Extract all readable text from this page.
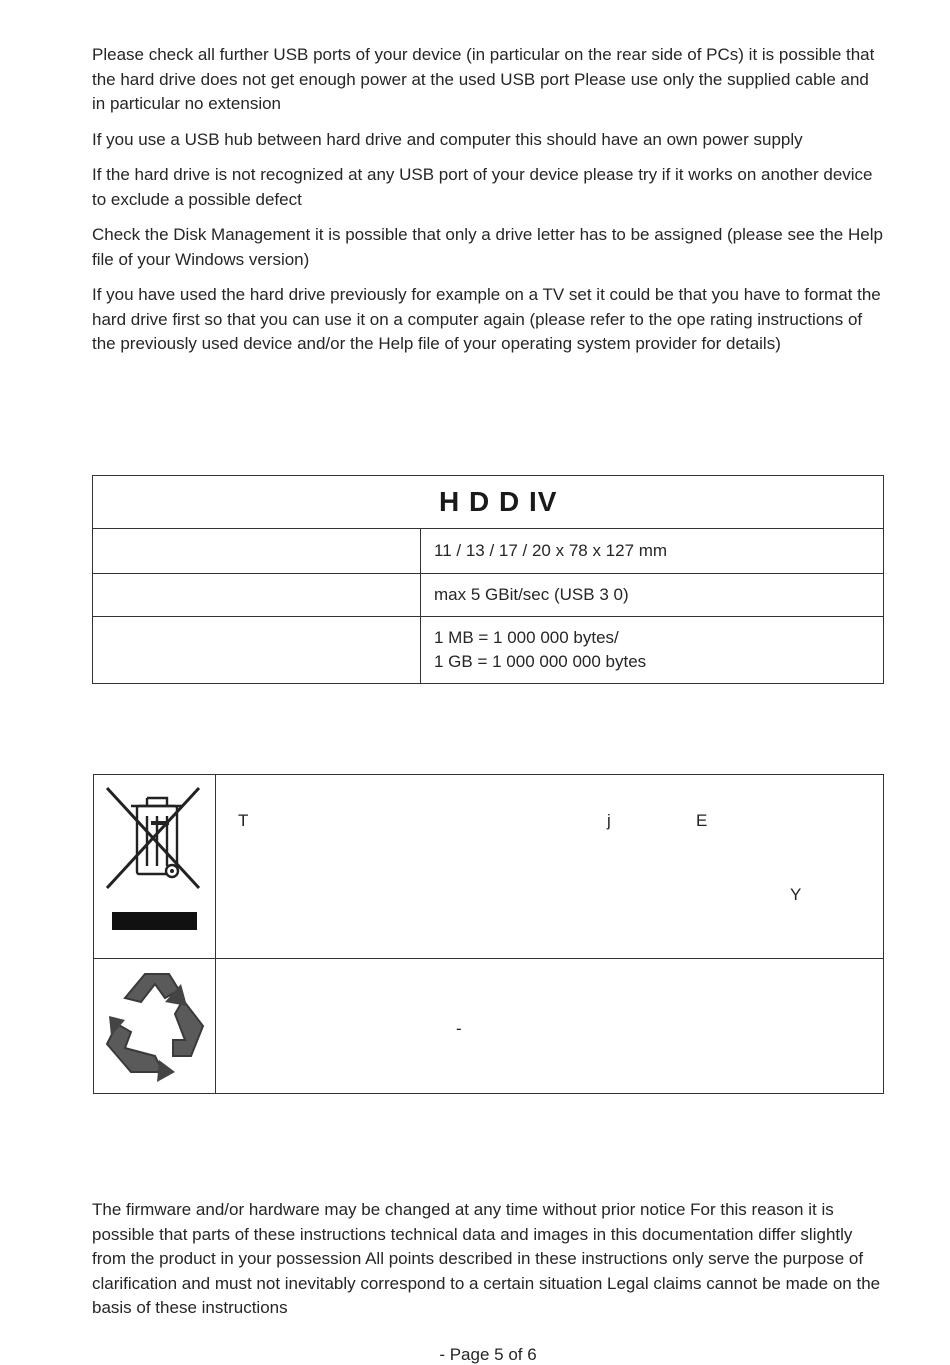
Please check all further USB ports of your device (in particular on the rear side of PCs) it is possible that the hard drive does not get enough power at the used USB port Please use only the supplied cable and in particular no extension

If you use a USB hub between hard drive and computer this should have an own power supply

If the hard drive is not recognized at any USB port of your device please try if it works on another device to exclude a possible defect

Check the Disk Management it is possible that only a drive letter has to be assigned (please see the Help file of your Windows version)

If you have used the hard drive previously for example on a TV set it could be that you have to format the hard drive first so that you can use it on a computer again (please refer to the ope rating instructions of the previously used device and/or the Help file of your operating system provider for details)

H D D IV	
	11 / 13 / 17 / 20 x 78 x 127 mm
	max 5 GBit/sec (USB 3 0)

	1 MB = 1 000 000 bytes/
1 GB = 1 000 000 000 bytes

T j E
Y

-

The firmware and/or hardware may be changed at any time without prior notice For this reason it is possible that parts of these instructions technical data and images in this documentation differ slightly from the product in your possession All points described in these instructions only serve the purpose of clarification and must not inevitably correspond to a certain situation Legal claims cannot be made on the basis of these instructions

- Page 5 of 6
